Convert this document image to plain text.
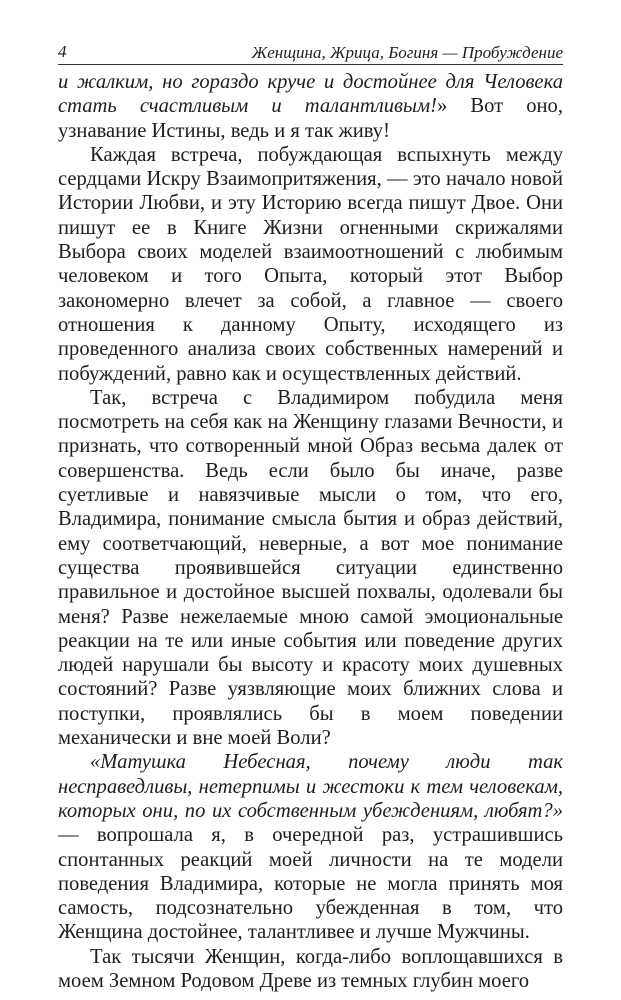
4	Женщина, Жрица, Богиня — Пробуждение

и жалким, но гораздо круче и достойнее для Человека стать счастливым и талантливым!» Вот оно, узнавание Истины, ведь и я так живу!

Каждая встреча, побуждающая вспыхнуть между сердцами Искру Взаимопритяжения, — это начало новой Истории Любви, и эту Историю всегда пишут Двое. Они пишут ее в Книге Жизни огненными скрижалями Выбора своих моделей взаимоотношений с любимым человеком и того Опыта, который этот Выбор закономерно влечет за собой, а главное — своего отношения к данному Опыту, исходящего из проведенного анализа своих собственных намерений и побуждений, равно как и осуществленных действий.

Так, встреча с Владимиром побудила меня посмотреть на себя как на Женщину глазами Вечности, и признать, что сотворенный мной Образ весьма далек от совершенства. Ведь если было бы иначе, разве суетливые и навязчивые мысли о том, что его, Владимира, понимание смысла бытия и образ действий, ему соответчающий, неверные, а вот мое понимание существа проявившейся ситуации единственно правильное и достойное высшей похвалы, одолевали бы меня? Разве нежелаемые мною самой эмоциональные реакции на те или иные события или поведение других людей нарушали бы высоту и красоту моих душевных состояний? Разве уязвляющие моих ближних слова и поступки, проявлялись бы в моем поведении механически и вне моей Воли?

«Матушка Небесная, почему люди так несправедливы, нетерпимы и жестоки к тем человекам, которых они, по их собственным убеждениям, любят?» — вопрошала я, в очередной раз, устрашившись спонтанных реакций моей личности на те модели поведения Владимира, которые не могла принять моя самость, подсознательно убежденная в том, что Женщина достойнее, талантливее и лучше Мужчины.

Так тысячи Женщин, когда-либо воплощавшихся в моем Земном Родовом Древе из темных глубин моего
